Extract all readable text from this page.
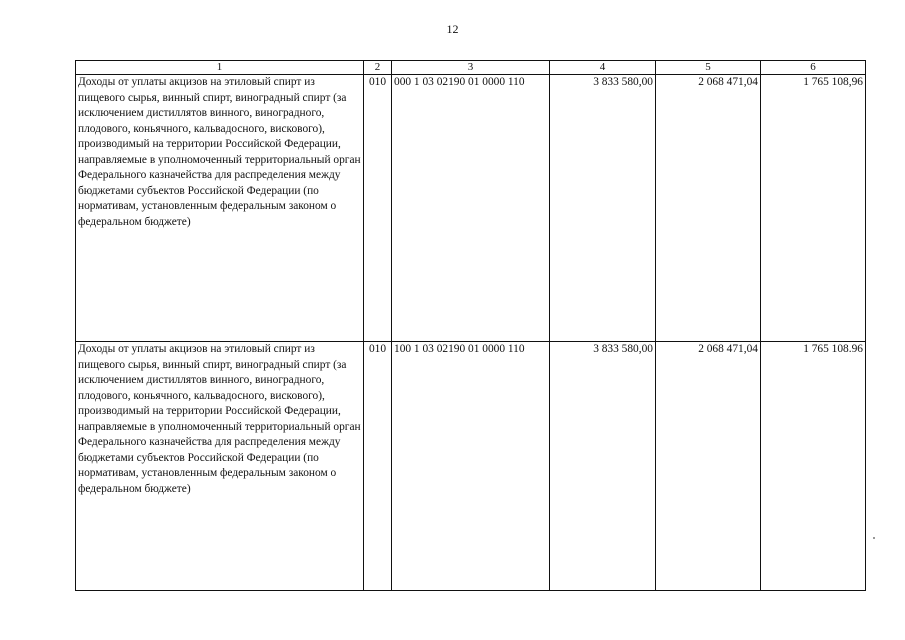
12
1	2	3	4	5	6
Доходы от уплаты акцизов на этиловый спирт из пищевого сырья, винный спирт, виноградный спирт (за исключением дистиллятов винного, виноградного, плодового, коньячного, кальвадосного, вискового), производимый на территории Российской Федерации, направляемые в уполномоченный территориальный орган Федерального казначейства для распределения между бюджетами субъектов Российской Федерации (по нормативам, установленным федеральным законом о федеральном бюджете)	010	000 1 03 02190 01 0000 110	3 833 580,00	2 068 471,04	1 765 108,96
Доходы от уплаты акцизов на этиловый спирт из пищевого сырья, винный спирт, виноградный спирт (за исключением дистиллятов винного, виноградного, плодового, коньячного, кальвадосного, вискового), производимый на территории Российской Федерации, направляемые в уполномоченный территориальный орган Федерального казначейства для распределения между бюджетами субъектов Российской Федерации (по нормативам, установленным федеральным законом о федеральном бюджете)	010	100 1 03 02190 01 0000 110	3 833 580,00	2 068 471,04	1 765 108.96
